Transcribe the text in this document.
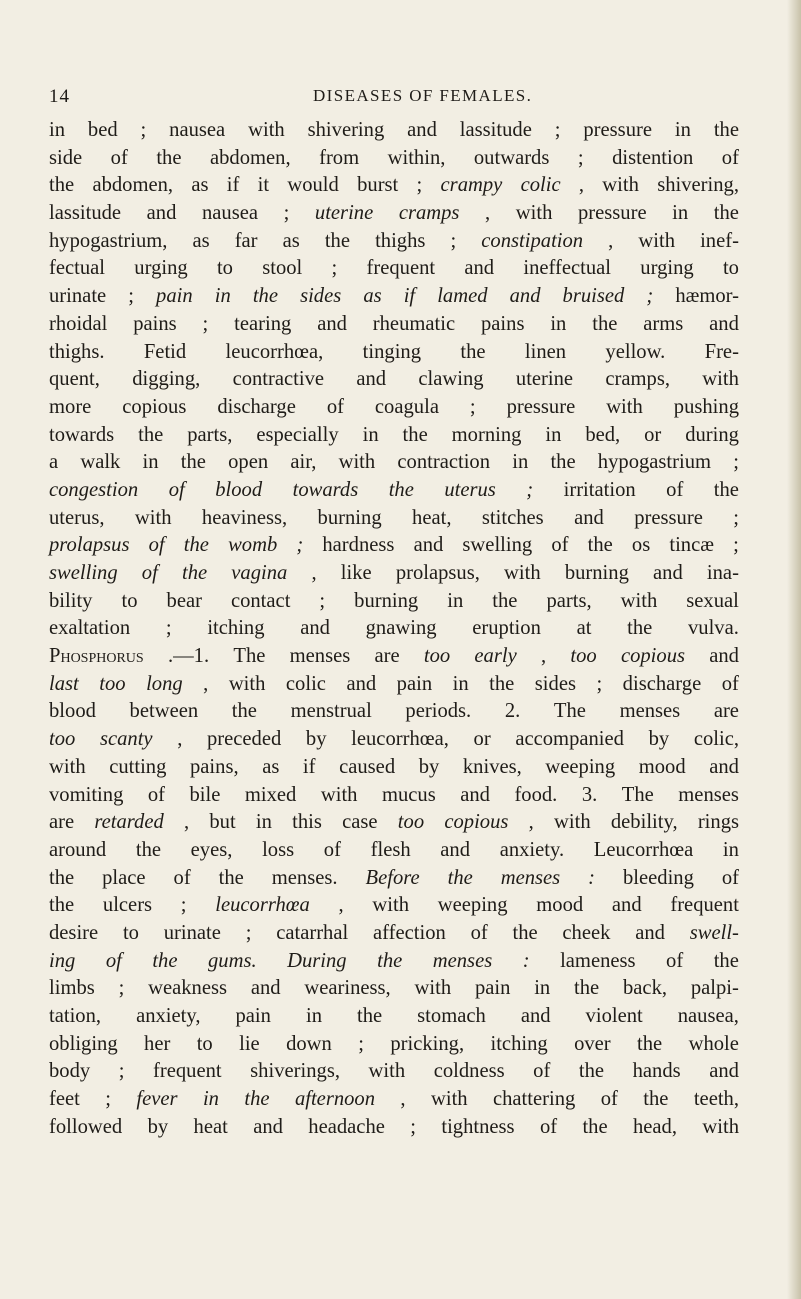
14	DISEASES OF FEMALES.
in bed ; nausea with shivering and lassitude ; pressure in the
side of the abdomen, from within, outwards ; distention of
the abdomen, as if it would burst ; crampy colic , with shivering,
lassitude and nausea ; uterine cramps , with pressure in the
hypogastrium, as far as the thighs ; constipation , with inef-
fectual urging to stool ; frequent and ineffectual urging to
urinate ; pain in the sides as if lamed and bruised ; hæmor-
rhoidal pains ; tearing and rheumatic pains in the arms and
thighs. Fetid leucorrhœa, tinging the linen yellow. Fre-
quent, digging, contractive and clawing uterine cramps, with
more copious discharge of coagula ; pressure with pushing
towards the parts, especially in the morning in bed, or during
a walk in the open air, with contraction in the hypogastrium ;
congestion of blood towards the uterus ; irritation of the
uterus, with heaviness, burning heat, stitches and pressure ;
prolapsus of the womb ; hardness and swelling of the os tincæ ;
swelling of the vagina , like prolapsus, with burning and ina-
bility to bear contact ; burning in the parts, with sexual
exaltation ; itching and gnawing eruption at the vulva.
Phosphorus .—1. The menses are too early , too copious and
last too long , with colic and pain in the sides ; discharge of
blood between the menstrual periods. 2. The menses are
too scanty , preceded by leucorrhœa, or accompanied by colic,
with cutting pains, as if caused by knives, weeping mood and
vomiting of bile mixed with mucus and food. 3. The menses
are retarded , but in this case too copious , with debility, rings
around the eyes, loss of flesh and anxiety. Leucorrhœa in
the place of the menses. Before the menses : bleeding of
the ulcers ; leucorrhœa , with weeping mood and frequent
desire to urinate ; catarrhal affection of the cheek and swell-
ing of the gums. During the menses : lameness of the
limbs ; weakness and weariness, with pain in the back, palpi-
tation, anxiety, pain in the stomach and violent nausea,
obliging her to lie down ; pricking, itching over the whole
body ; frequent shiverings, with coldness of the hands and
feet ; fever in the afternoon , with chattering of the teeth,
followed by heat and headache ; tightness of the head, with
